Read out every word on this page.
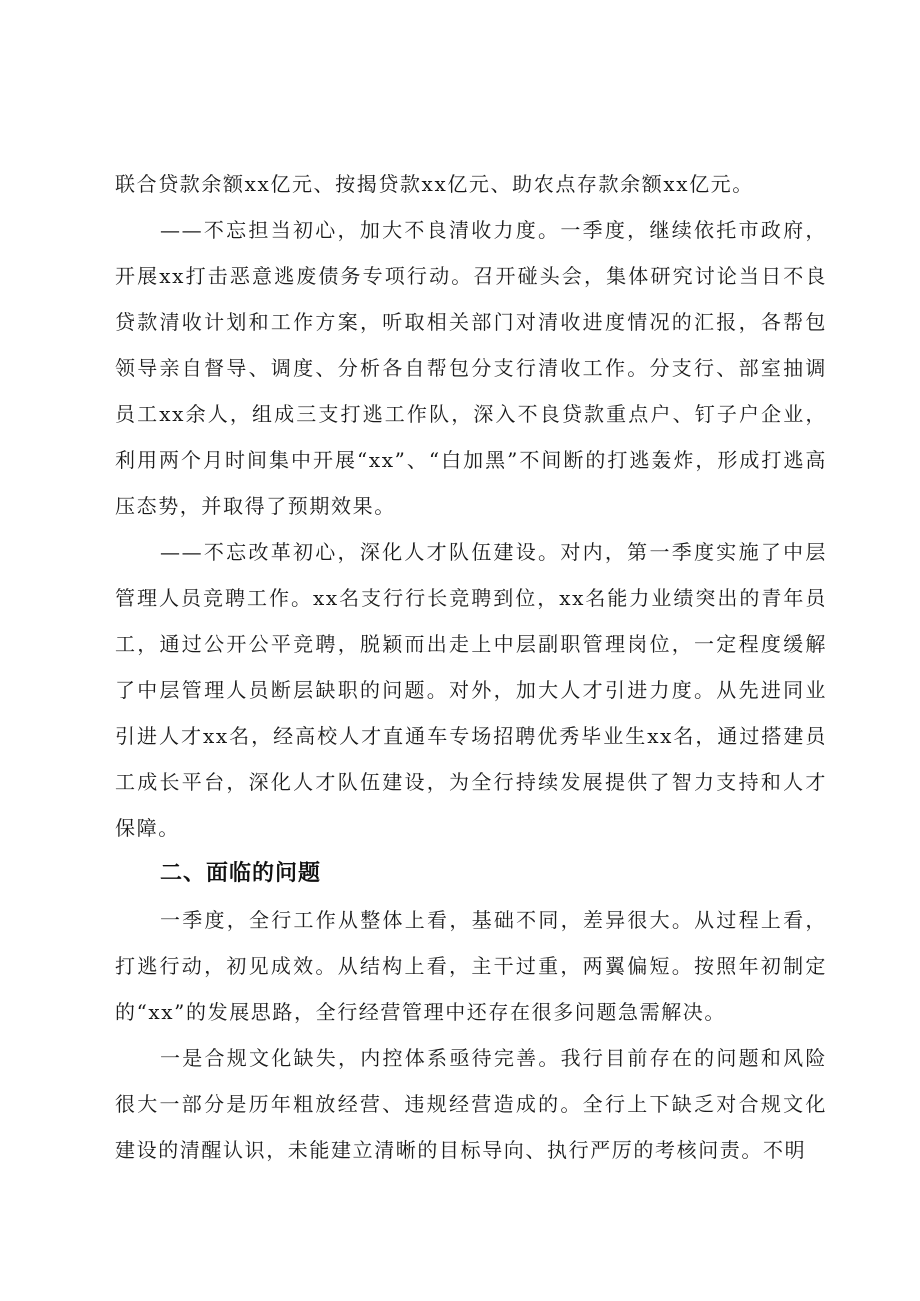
联合贷款余额xx亿元、按揭贷款xx亿元、助农点存款余额xx亿元。

——不忘担当初心，加大不良清收力度。一季度，继续依托市政府，开展xx打击恶意逃废债务专项行动。召开碰头会，集体研究讨论当日不良贷款清收计划和工作方案，听取相关部门对清收进度情况的汇报，各帮包领导亲自督导、调度、分析各自帮包分支行清收工作。分支行、部室抽调员工xx余人，组成三支打逃工作队，深入不良贷款重点户、钉子户企业，利用两个月时间集中开展“xx”、“白加黑”不间断的打逃轰炸，形成打逃高压态势，并取得了预期效果。

——不忘改革初心，深化人才队伍建设。对内，第一季度实施了中层管理人员竞聘工作。xx名支行行长竞聘到位，xx名能力业绩突出的青年员工，通过公开公平竞聘，脱颖而出走上中层副职管理岗位，一定程度缓解了中层管理人员断层缺职的问题。对外，加大人才引进力度。从先进同业引进人才xx名，经高校人才直通车专场招聘优秀毕业生xx名，通过搭建员工成长平台，深化人才队伍建设，为全行持续发展提供了智力支持和人才保障。

二、面临的问题

一季度，全行工作从整体上看，基础不同，差异很大。从过程上看，打逃行动，初见成效。从结构上看，主干过重，两翼偏短。按照年初制定的“xx”的发展思路，全行经营管理中还存在很多问题急需解决。

一是合规文化缺失，内控体系亟待完善。我行目前存在的问题和风险很大一部分是历年粗放经营、违规经营造成的。全行上下缺乏对合规文化建设的清醒认识，未能建立清晰的目标导向、执行严厉的考核问责。不明
